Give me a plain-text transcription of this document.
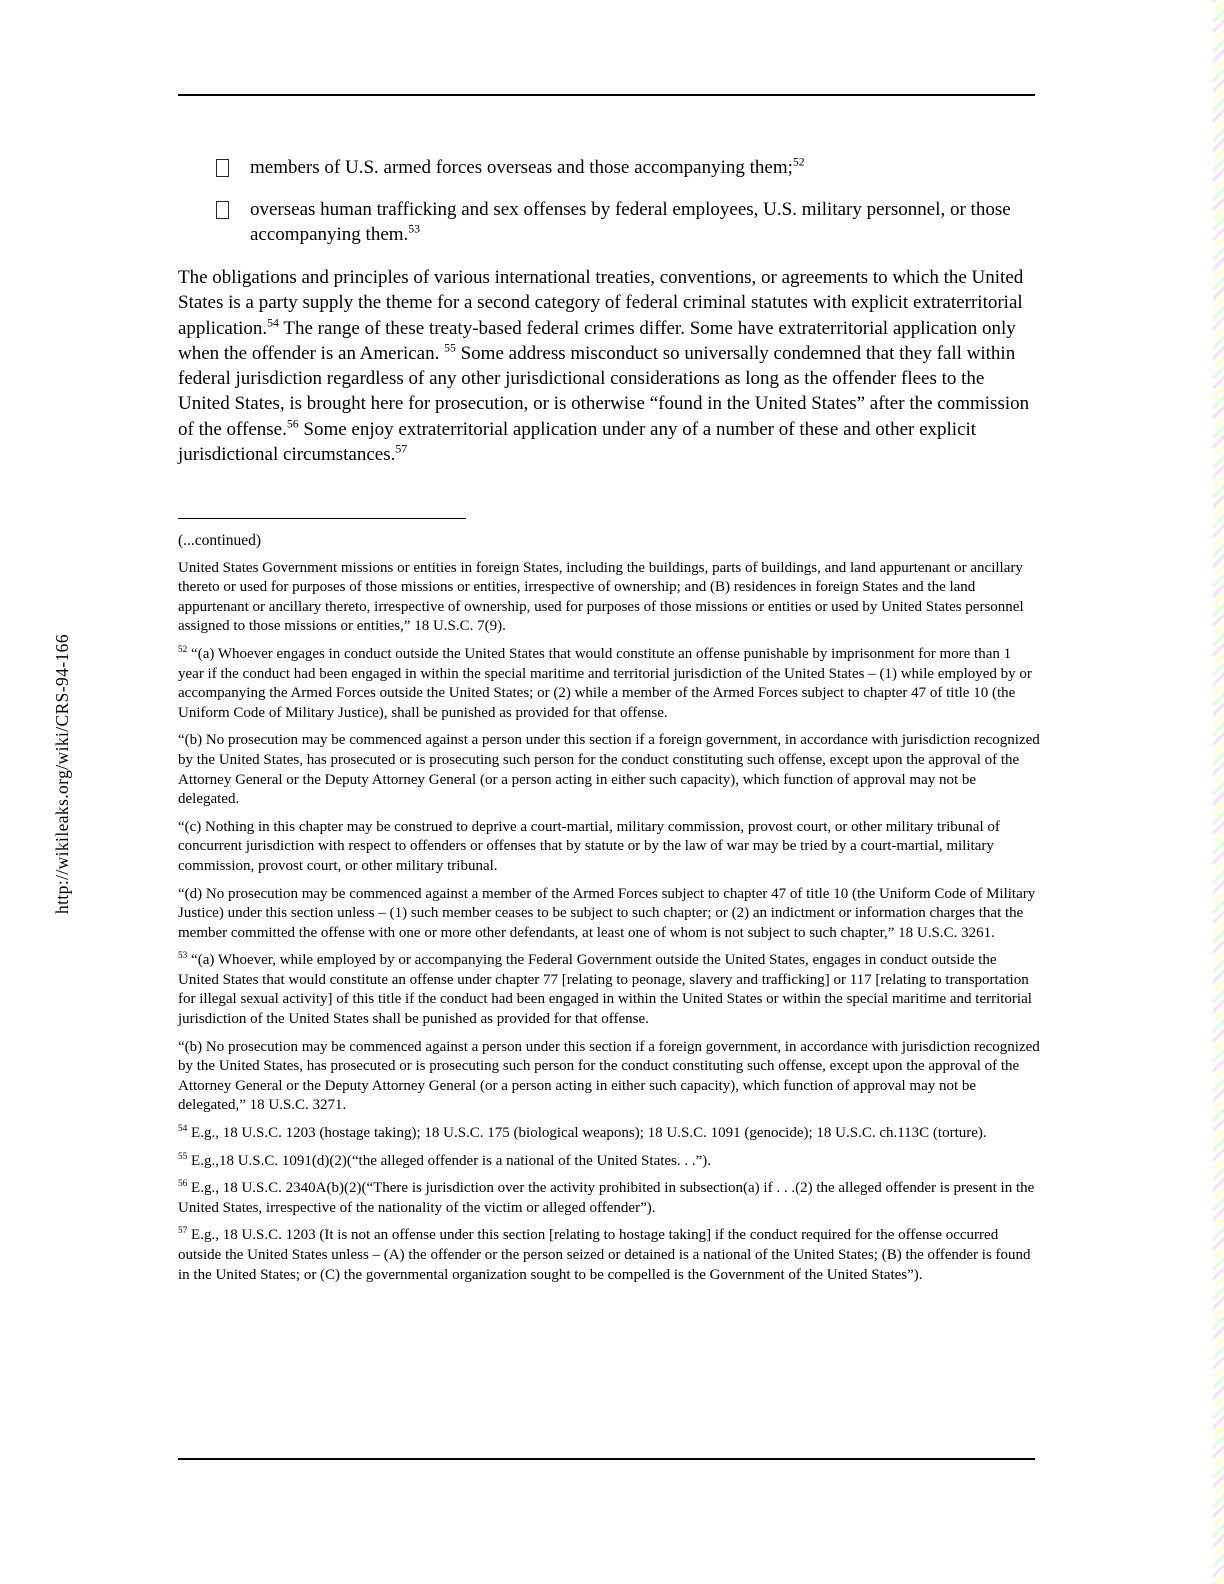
http://wikileaks.org/wiki/CRS-94-166
members of U.S. armed forces overseas and those accompanying them;$^{52}$
overseas human trafficking and sex offenses by federal employees, U.S. military personnel, or those accompanying them.$^{53}$

The obligations and principles of various international treaties, conventions, or agreements to which the United States is a party supply the theme for a second category of federal criminal statutes with explicit extraterritorial application.$^{54}$ The range of these treaty-based federal crimes differ. Some have extraterritorial application only when the offender is an American. $^{55}$ Some address misconduct so universally condemned that they fall within federal jurisdiction regardless of any other jurisdictional considerations as long as the offender flees to the United States, is brought here for prosecution, or is otherwise “found in the United States” after the commission of the offense.$^{56}$ Some enjoy extraterritorial application under any of a number of these and other explicit jurisdictional circumstances.$^{57}$

(...continued)

United States Government missions or entities in foreign States, including the buildings, parts of buildings, and land appurtenant or ancillary thereto or used for purposes of those missions or entities, irrespective of ownership; and (B) residences in foreign States and the land appurtenant or ancillary thereto, irrespective of ownership, used for purposes of those missions or entities or used by United States personnel assigned to those missions or entities,” 18 U.S.C. 7(9).

$^{52}$ “(a) Whoever engages in conduct outside the United States that would constitute an offense punishable by imprisonment for more than 1 year if the conduct had been engaged in within the special maritime and territorial jurisdiction of the United States – (1) while employed by or accompanying the Armed Forces outside the United States; or (2) while a member of the Armed Forces subject to chapter 47 of title 10 (the Uniform Code of Military Justice), shall be punished as provided for that offense.

“(b) No prosecution may be commenced against a person under this section if a foreign government, in accordance with jurisdiction recognized by the United States, has prosecuted or is prosecuting such person for the conduct constituting such offense, except upon the approval of the Attorney General or the Deputy Attorney General (or a person acting in either such capacity), which function of approval may not be delegated.

“(c) Nothing in this chapter may be construed to deprive a court-martial, military commission, provost court, or other military tribunal of concurrent jurisdiction with respect to offenders or offenses that by statute or by the law of war may be tried by a court-martial, military commission, provost court, or other military tribunal.

“(d) No prosecution may be commenced against a member of the Armed Forces subject to chapter 47 of title 10 (the Uniform Code of Military Justice) under this section unless – (1) such member ceases to be subject to such chapter; or (2) an indictment or information charges that the member committed the offense with one or more other defendants, at least one of whom is not subject to such chapter,” 18 U.S.C. 3261.

$^{53}$ “(a) Whoever, while employed by or accompanying the Federal Government outside the United States, engages in conduct outside the United States that would constitute an offense under chapter 77 [relating to peonage, slavery and trafficking] or 117 [relating to transportation for illegal sexual activity] of this title if the conduct had been engaged in within the United States or within the special maritime and territorial jurisdiction of the United States shall be punished as provided for that offense.

“(b) No prosecution may be commenced against a person under this section if a foreign government, in accordance with jurisdiction recognized by the United States, has prosecuted or is prosecuting such person for the conduct constituting such offense, except upon the approval of the Attorney General or the Deputy Attorney General (or a person acting in either such capacity), which function of approval may not be delegated,” 18 U.S.C. 3271.

$^{54}$ E.g., 18 U.S.C. 1203 (hostage taking); 18 U.S.C. 175 (biological weapons); 18 U.S.C. 1091 (genocide); 18 U.S.C. ch.113C (torture).

$^{55}$ E.g.,18 U.S.C. 1091(d)(2)(“the alleged offender is a national of the United States. . .”).

$^{56}$ E.g., 18 U.S.C. 2340A(b)(2)(“There is jurisdiction over the activity prohibited in subsection(a) if . . .(2) the alleged offender is present in the United States, irrespective of the nationality of the victim or alleged offender”).

$^{57}$ E.g., 18 U.S.C. 1203 (It is not an offense under this section [relating to hostage taking] if the conduct required for the offense occurred outside the United States unless – (A) the offender or the person seized or detained is a national of the United States; (B) the offender is found in the United States; or (C) the governmental organization sought to be compelled is the Government of the United States”).
